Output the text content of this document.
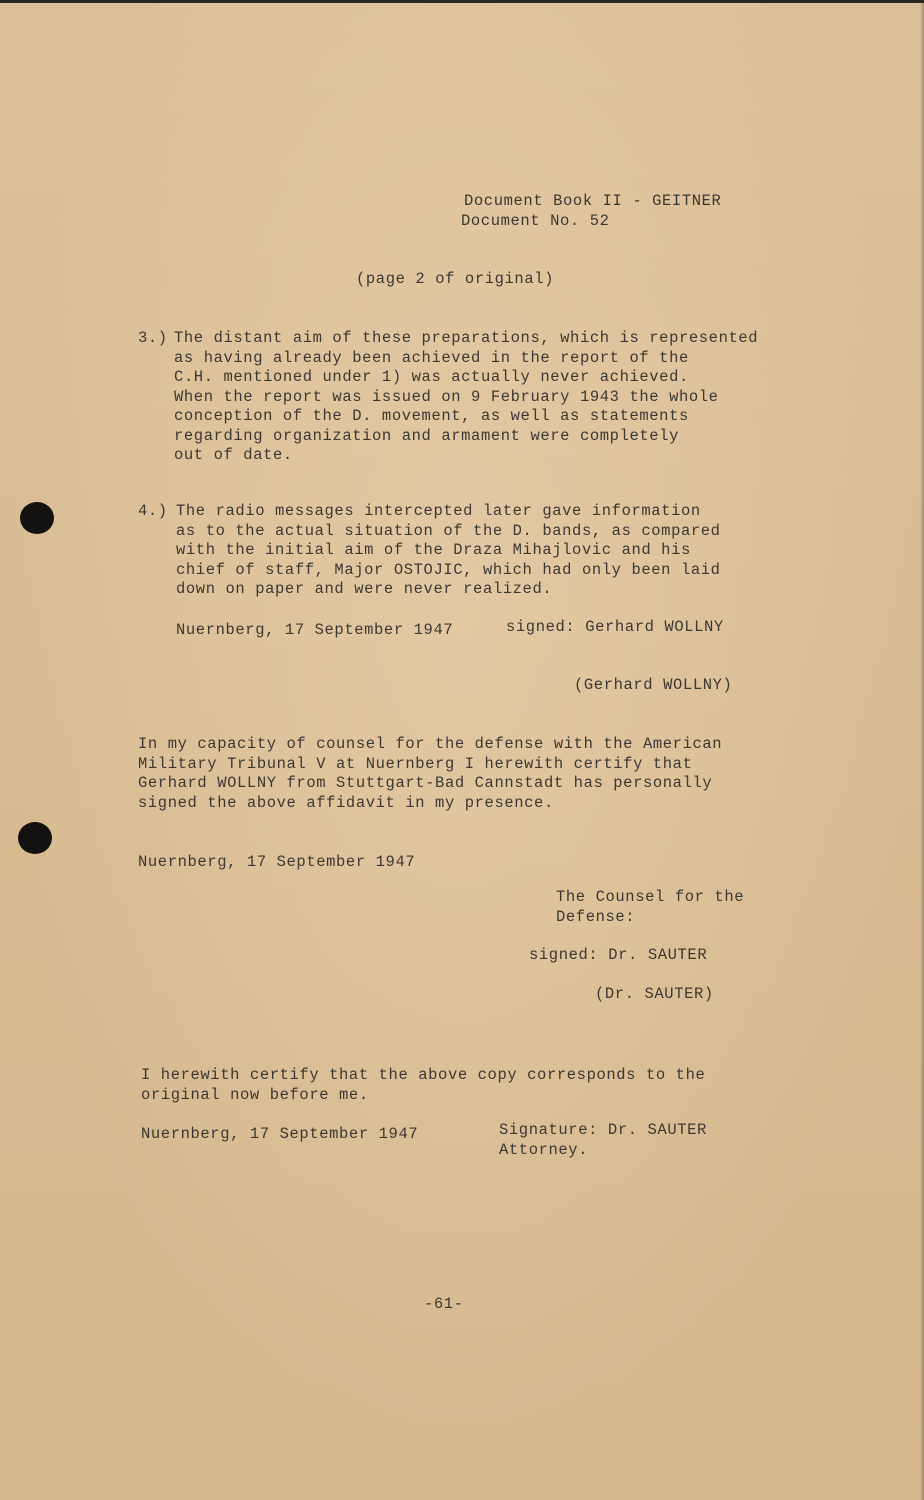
Document Book II - GEITNER
Document No. 52
(page 2 of original)
3.) The distant aim of these preparations, which is represented
as having already been achieved in the report of the
C.H. mentioned under 1) was actually never achieved.
When the report was issued on 9 February 1943 the whole
conception of the D. movement, as well as statements
regarding organization and armament were completely
out of date.
4.) The radio messages intercepted later gave information
as to the actual situation of the D. bands, as compared
with the initial aim of the Draza Mihajlovic and his
chief of staff, Major OSTOJIC, which had only been laid
down on paper and were never realized.
Nuernberg, 17 September 1947	signed: Gerhard WOLLNY
(Gerhard WOLLNY)
In my capacity of counsel for the defense with the American
Military Tribunal V at Nuernberg I herewith certify that
Gerhard WOLLNY from Stuttgart-Bad Cannstadt has personally
signed the above affidavit in my presence.
Nuernberg, 17 September 1947
The Counsel for the
Defense:
signed: Dr. SAUTER
(Dr. SAUTER)
I herewith certify that the above copy corresponds to the
original now before me.
Nuernberg, 17 September 1947	Signature: Dr. SAUTER
Attorney.
-61-
